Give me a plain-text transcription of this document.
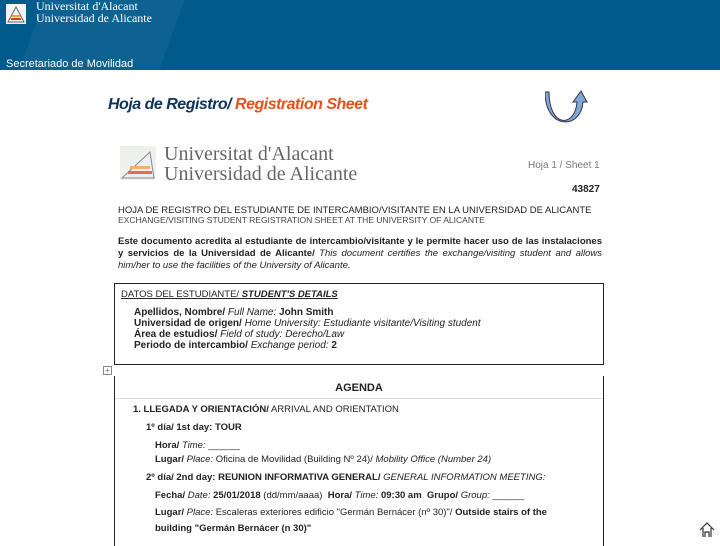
Universitat d'Alacant
Universidad de Alicante
Secretariado de Movilidad
Hoja de Registro/ Registration Sheet
Universitat d'Alacant
Universidad de Alicante	Hoja 1 / Sheet 1
43827
HOJA DE REGISTRO DEL ESTUDIANTE DE INTERCAMBIO/VISITANTE EN LA UNIVERSIDAD DE ALICANTE
EXCHANGE/VISITING STUDENT REGISTRATION SHEET AT THE UNIVERSITY OF ALICANTE
Este documento acredita al estudiante de intercambio/visitante y le permite hacer uso de las instalaciones y servicios de la Universidad de Alicante/ This document certifies the exchange/visiting student and allows him/her to use the facilities of the University of Alicante.
DATOS DEL ESTUDIANTE/ STUDENT'S DETAILS
Apellidos, Nombre/ Full Name: John Smith
Universidad de origen/ Home University: Estudiante visitante/Visiting student
Área de estudios/ Field of study: Derecho/Law
Periodo de intercambio/ Exchange period: 2
+
AGENDA
1. LLEGADA Y ORIENTACIÓN/ ARRIVAL AND ORIENTATION
1º día/ 1st day: TOUR
Hora/ Time: ______
Lugar/ Place: Oficina de Movilidad (Building Nº 24)/ Mobility Office (Number 24)
2º día/ 2nd day: REUNION INFORMATIVA GENERAL/ GENERAL INFORMATION MEETING:
Fecha/ Date: 25/01/2018 (dd/mm/aaaa) Hora/ Time: 09:30 am Grupo/ Group: ______
Lugar/ Place: Escaleras exteriores edificio "Germán Bernácer (nº 30)"/ Outside stairs of the
building "Germán Bernácer (n 30)"
